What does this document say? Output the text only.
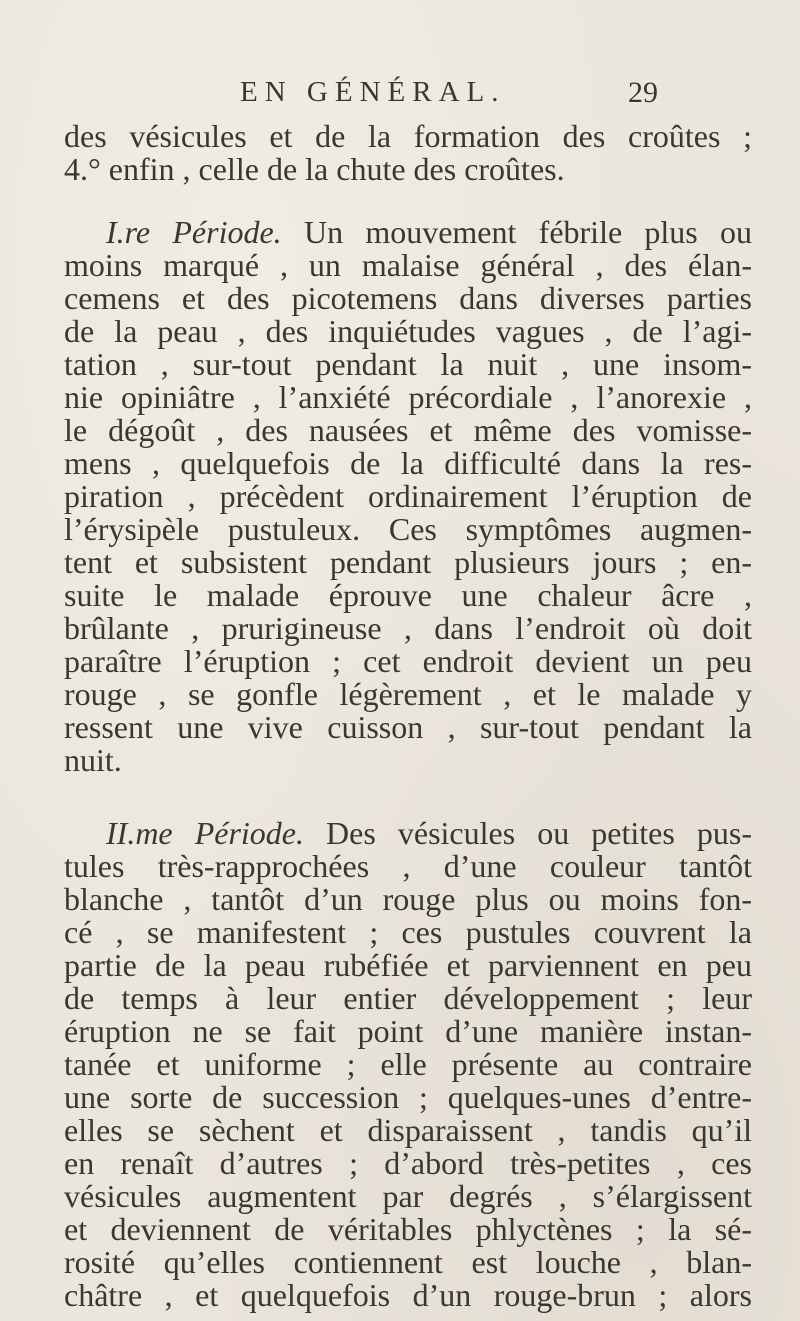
EN GÉNÉRAL.	29
des vésicules et de la formation des croûtes ;
4.° enfin , celle de la chute des croûtes.
I.re Période. Un mouvement fébrile plus ou
moins marqué , un malaise général , des élan-
cemens et des picotemens dans diverses parties
de la peau , des inquiétudes vagues , de l’agi-
tation , sur-tout pendant la nuit , une insom-
nie opiniâtre , l’anxiété précordiale , l’anorexie ,
le dégoût , des nausées et même des vomisse-
mens , quelquefois de la difficulté dans la res-
piration , précèdent ordinairement l’éruption de
l’érysipèle pustuleux. Ces symptômes augmen-
tent et subsistent pendant plusieurs jours ; en-
suite le malade éprouve une chaleur âcre ,
brûlante , prurigineuse , dans l’endroit où doit
paraître l’éruption ; cet endroit devient un peu
rouge , se gonfle légèrement , et le malade y
ressent une vive cuisson , sur-tout pendant la
nuit.
II.me Période. Des vésicules ou petites pus-
tules très-rapprochées , d’une couleur tantôt
blanche , tantôt d’un rouge plus ou moins fon-
cé , se manifestent ; ces pustules couvrent la
partie de la peau rubéfiée et parviennent en peu
de temps à leur entier développement ; leur
éruption ne se fait point d’une manière instan-
tanée et uniforme ; elle présente au contraire
une sorte de succession ; quelques-unes d’entre-
elles se sèchent et disparaissent , tandis qu’il
en renaît d’autres ; d’abord très-petites , ces
vésicules augmentent par degrés , s’élargissent
et deviennent de véritables phlyctènes ; la sé-
rosité qu’elles contiennent est louche , blan-
châtre , et quelquefois d’un rouge-brun ; alors
